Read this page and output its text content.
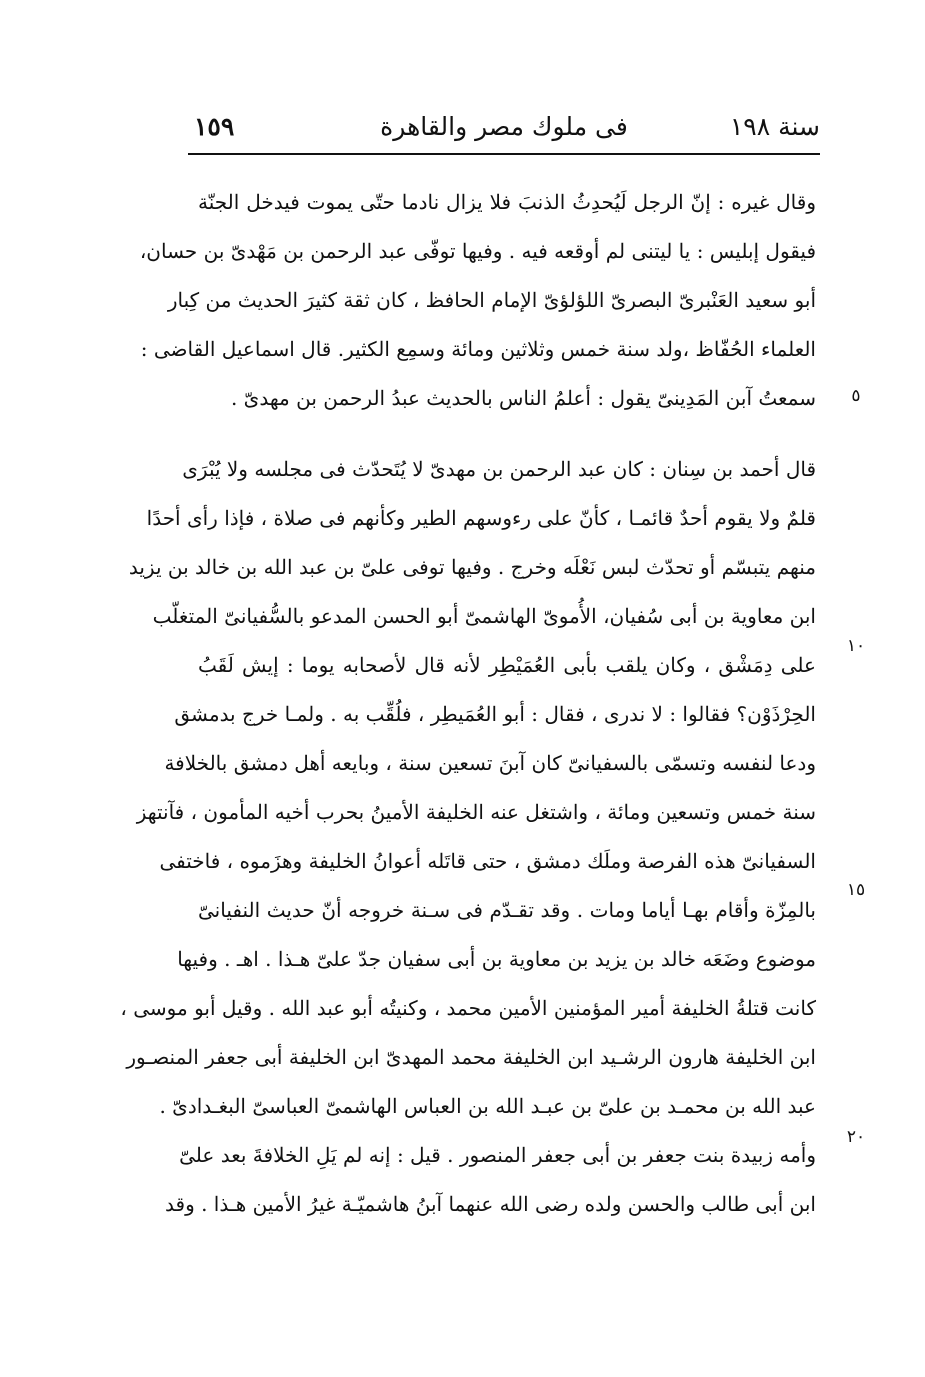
سنة ١٩٨
فى ملوك مصر والقاهرة
١٥٩
وقال غيره : إنّ الرجل لَيُحدِثُ الذنبَ فلا يزال نادما حتّى يموت فيدخل الجنّة
فيقول إبليس : يا ليتنى لم أوقعه فيه . وفيها توفّى عبد الرحمن بن مَهْدىّ بن حسان،
أبو سعيد العَنْبرىّ البصرىّ اللؤلؤىّ الإمام الحافظ ، كان ثقة كثيرَ الحديث من كِبار
العلماء الحُفّاظ ،ولد سنة خمس وثلاثين ومائة وسمِع الكثير. قال اسماعيل القاضى :
سمعتُ آبن المَدِينىّ يقول : أعلمُ الناس بالحديث عبدُ الرحمن بن مهدىّ .
قال أحمد بن سِنان : كان عبد الرحمن بن مهدىّ لا يُتَحدّث فى مجلسه ولا يُبْرَى
قلمٌ ولا يقوم أحدٌ قائمـا ، كأنّ على رءوسهم الطير وكأنهم فى صلاة ، فإذا رأى أحدًا
منهم يتبسّم أو تحدّث لبس نَعْلَه وخرج . وفيها توفى علىّ بن عبد الله بن خالد بن يزيد
ابن معاوية بن أبى سُفيان، الأُموىّ الهاشمىّ أبو الحسن المدعو بالسُّفيانىّ المتغلّب
على دِمَشْق ، وكان يلقب بأبى العُمَيْطِر لأنه قال لأصحابه يوما : إيش لَقَبُ
الحِرْذَوْن؟ فقالوا : لا ندرى ، فقال : أبو العُمَيطِر ، فلُقِّب به . ولمـا خرج بدمشق
ودعا لنفسه وتسمّى بالسفيانىّ كان آبنَ تسعين سنة ، وبايعه أهل دمشق بالخلافة
سنة خمس وتسعين ومائة ، واشتغل عنه الخليفة الأمينُ بحرب أخيه المأمون ، فآنتهز
السفيانىّ هذه الفرصة وملَك دمشق ، حتى قاتَله أعوانُ الخليفة وهزَموه ، فاختفى
بالمِزّة وأقام بهـا أياما ومات . وقد تقـدّم فى سـنة خروجه أنّ حديث النفيانىّ
موضوع وضَعَه خالد بن يزيد بن معاوية بن أبى سفيان جدّ علىّ هـذا . اهـ . وفيها
كانت قتلةُ الخليفة أمير المؤمنين الأمين محمد ، وكنيتُه أبو عبد الله . وقيل أبو موسى ،
ابن الخليفة هارون الرشـيد ابن الخليفة محمد المهدىّ ابن الخليفة أبى جعفر المنصـور
عبد الله بن محمـد بن علىّ بن عبـد الله بن العباس الهاشمىّ العباسىّ البغـدادىّ .
وأمه زبيدة بنت جعفر بن أبى جعفر المنصور . قيل : إنه لم يَلِ الخلافةَ بعد علىّ
ابن أبى طالب والحسن ولده رضى الله عنهما آبنُ هاشميّـة غيرُ الأمين هـذا . وقد
٥
١٠
١٥
٢٠
